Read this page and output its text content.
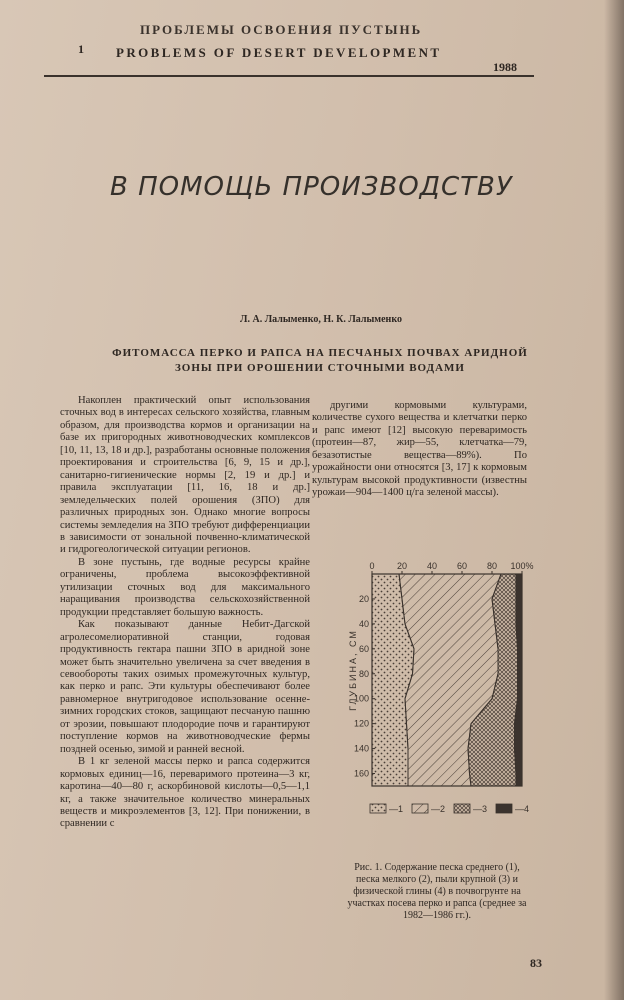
ПРОБЛЕМЫ ОСВОЕНИЯ ПУСТЫНЬ
1 PROBLEMS OF DESERT DEVELOPMENT
1988
В ПОМОЩЬ ПРОИЗВОДСТВУ
Л. А. Лалыменко, Н. К. Лалыменко
ФИТОМАССА ПЕРКО И РАПСА НА ПЕСЧАНЫХ ПОЧВАХ АРИДНОЙ ЗОНЫ ПРИ ОРОШЕНИИ СТОЧНЫМИ ВОДАМИ

Накоплен практический опыт использования сточных вод в интересах сельского хозяйства, главным образом, для производства кормов и организации на базе их пригородных животноводческих комплексов [10, 11, 13, 18 и др.], разработаны основные положения проектирования и строительства [6, 9, 15 и др.], санитарно-гигиенические нормы [2, 19 и др.] и правила эксплуатации [11, 16, 18 и др.] земледельческих полей орошения (ЗПО) для различных природных зон. Однако многие вопросы системы земледелия на ЗПО требуют дифференциации в зависимости от зональной почвенно-климатической и гидрогеологической ситуации регионов.

В зоне пустынь, где водные ресурсы крайне ограничены, проблема высокоэффективной утилизации сточных вод для максимального наращивания производства сельскохозяйственной продукции представляет большую важность.

Как показывают данные Небит-Дагской агролесомелиоративной станции, годовая продуктивность гектара пашни ЗПО в аридной зоне может быть значительно увеличена за счет введения в севообороты таких озимых промежуточных культур, как перко и рапс. Эти культуры обеспечивают более равномерное внутригодовое использование осенне-зимних городских стоков, защищают песчаную пашню от эрозии, повышают плодородие почв и гарантируют поступление кормов на животноводческие фермы поздней осенью, зимой и ранней весной.

В 1 кг зеленой массы перко и рапса содержится кормовых единиц—16, переваримого протеина—3 кг, каротина—40—80 г, аскорбиновой кислоты—0,5—1,1 кг, а также значительное количество минеральных веществ и микроэлементов [3, 12]. При понижении, в сравнении с

другими кормовыми культурами, количестве сухого вещества и клетчатки перко и рапс имеют [12] высокую переваримость (протеин—87, жир—55, клетчатка—79, безазотистые вещества—89%). По урожайности они относятся [3, 17] к кормовым культурам высокой продуктивности (известны урожаи—904—1400 ц/га зеленой массы).

0 20 40 60 80 100%
20
40
60
80
100
120
140
160
ГЛУБИНА, СМ
—1	—2	—3	—4
Рис. 1. Содержание песка среднего (1), песка мелкого (2), пыли крупной (3) и физической глины (4) в почвогрунте на участках посева перко и рапса (среднее за 1982—1986 гг.).
83
